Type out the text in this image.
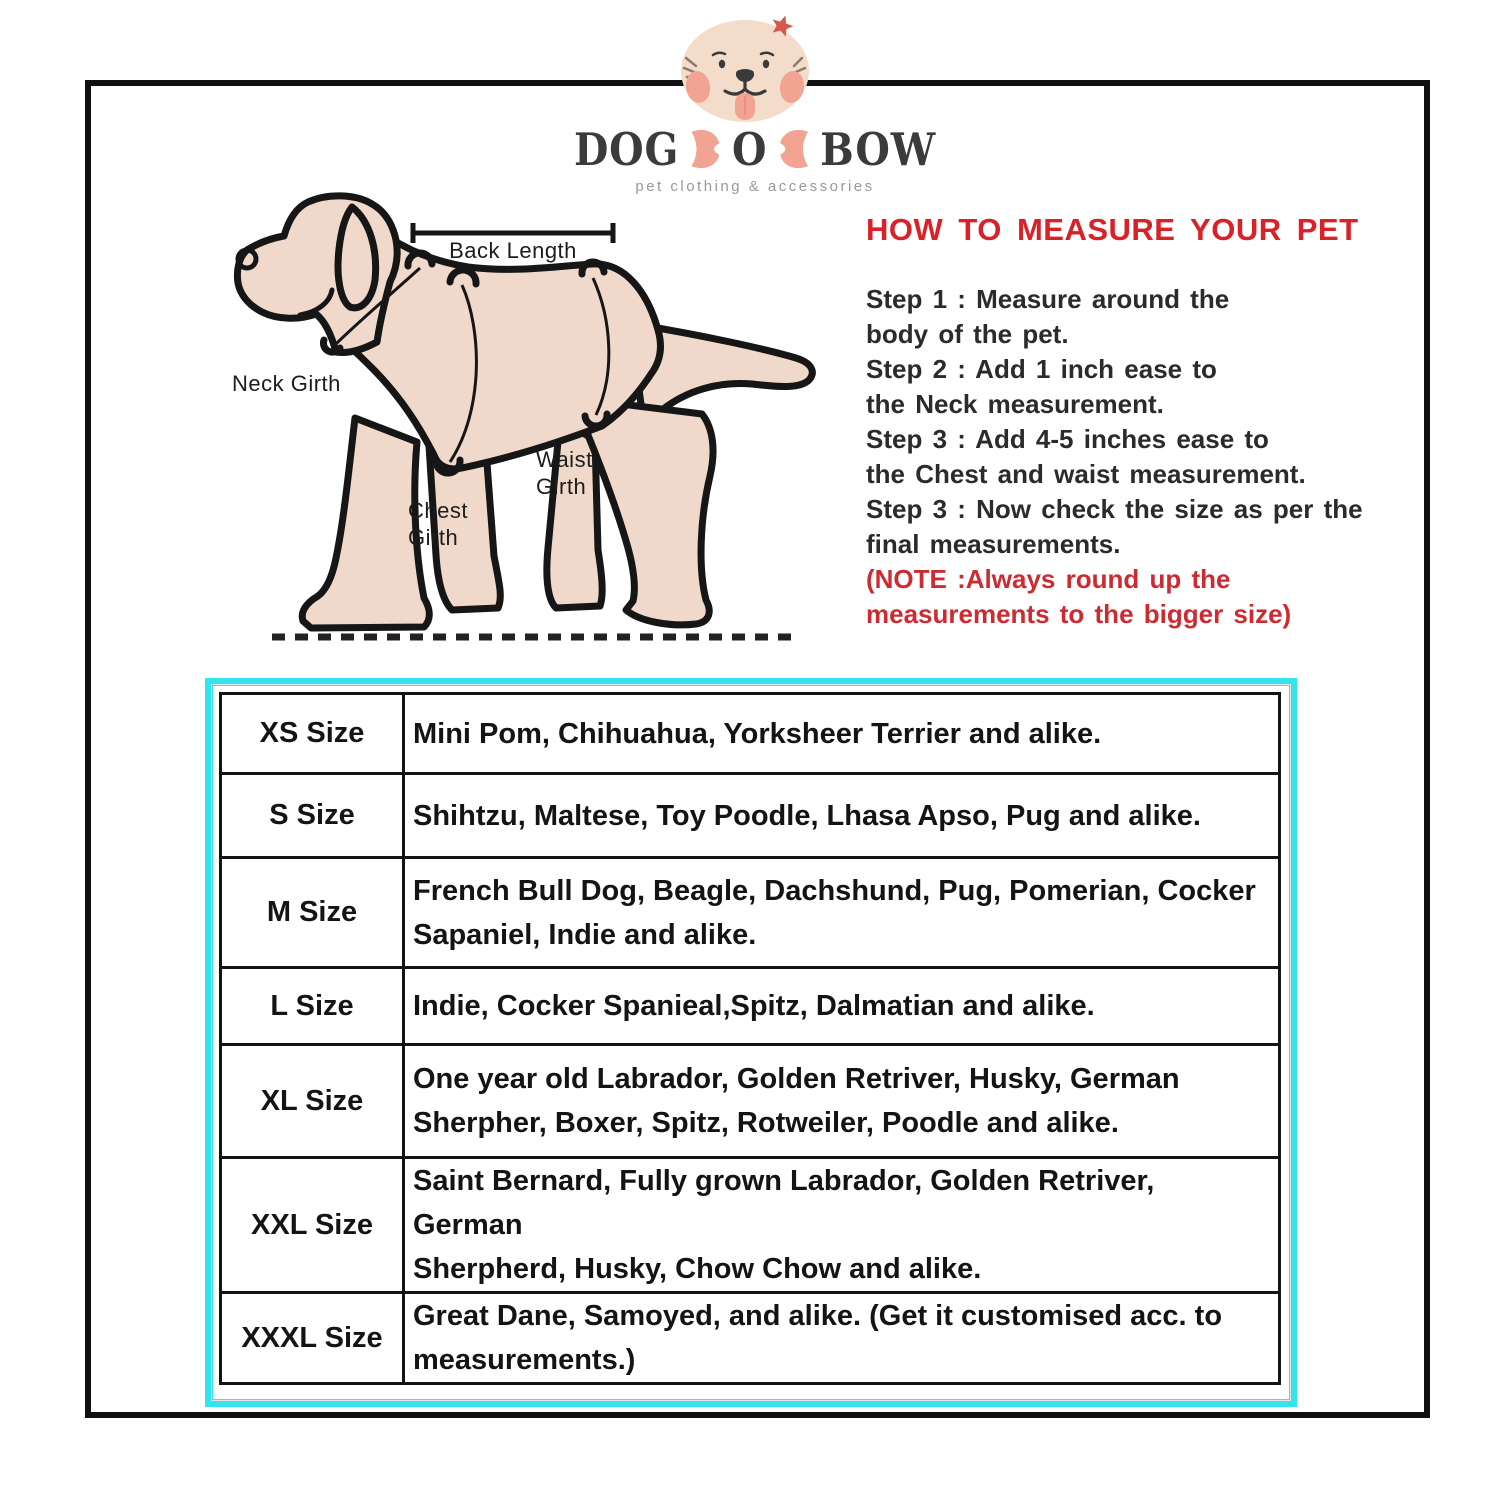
DOG O BOW
pet clothing & accessories
Back Length
Neck Girth
Waist
Girth
Chest
Girth
HOW TO MEASURE YOUR PET
Step 1 : Measure around the
body of the pet.
Step 2 : Add 1 inch ease to
the Neck measurement.
Step 3 : Add 4-5 inches ease to
the Chest and waist measurement.
Step 3 : Now check the size as per the
final measurements.
(NOTE :Always round up the
measurements to the bigger size)
XS Size	Mini Pom, Chihuahua, Yorksheer Terrier and alike.

S Size	Shihtzu, Maltese, Toy Poodle, Lhasa Apso, Pug and alike.

M Size	French Bull Dog, Beagle, Dachshund, Pug, Pomerian, Cocker
Sapaniel, Indie and alike.

L Size	Indie, Cocker Spanieal,Spitz, Dalmatian and alike.

XL Size	One year old Labrador, Golden Retriver, Husky, German
Sherpher, Boxer, Spitz, Rotweiler, Poodle and alike.

XXL Size	Saint Bernard, Fully grown Labrador, Golden Retriver, German
Sherpherd, Husky, Chow Chow and alike.

XXXL Size	Great Dane, Samoyed, and alike. (Get it customised acc. to
measurements.)
